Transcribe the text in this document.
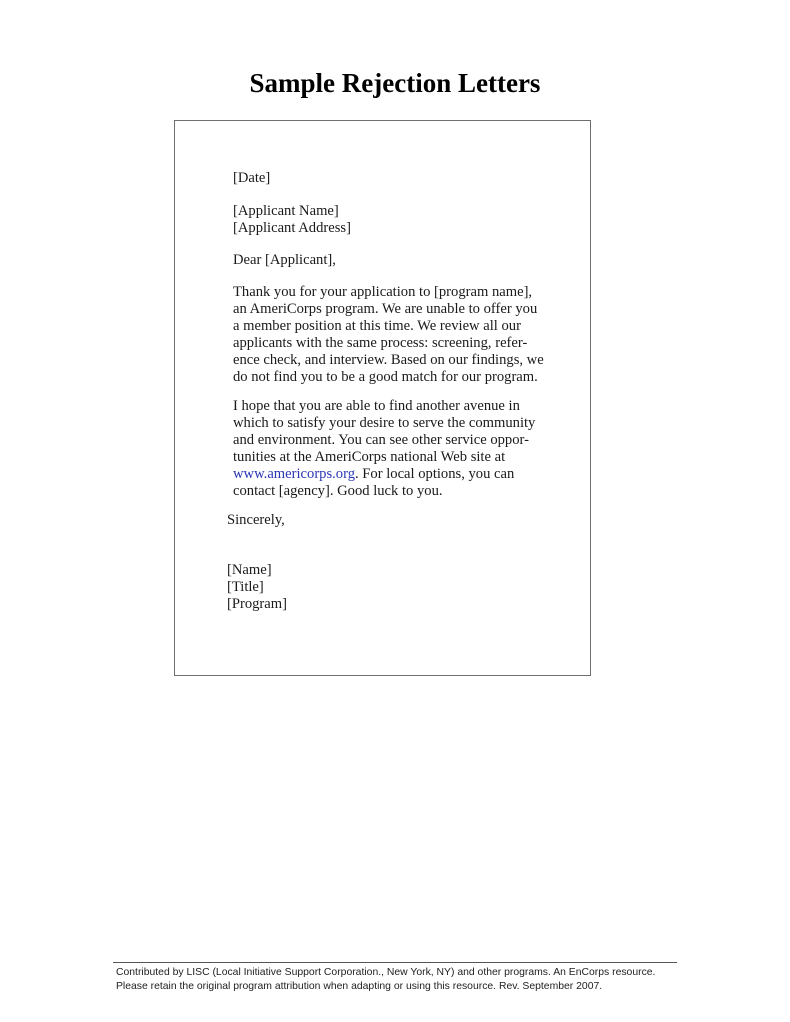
Sample Rejection Letters
[Date]
[Applicant Name]
[Applicant Address]
Dear [Applicant],
Thank you for your application to [program name],
an AmeriCorps program. We are unable to offer you
a member position at this time. We review all our
applicants with the same process: screening, refer-
ence check, and interview. Based on our findings, we
do not find you to be a good match for our program.
I hope that you are able to find another avenue in
which to satisfy your desire to serve the community
and environment. You can see other service oppor-
tunities at the AmeriCorps national Web site at
www.americorps.org. For local options, you can
contact [agency]. Good luck to you.
Sincerely,
[Name]
[Title]
[Program]
Contributed by LISC (Local Initiative Support Corporation., New York, NY) and other programs. An EnCorps resource.
Please retain the original program attribution when adapting or using this resource. Rev. September 2007.
